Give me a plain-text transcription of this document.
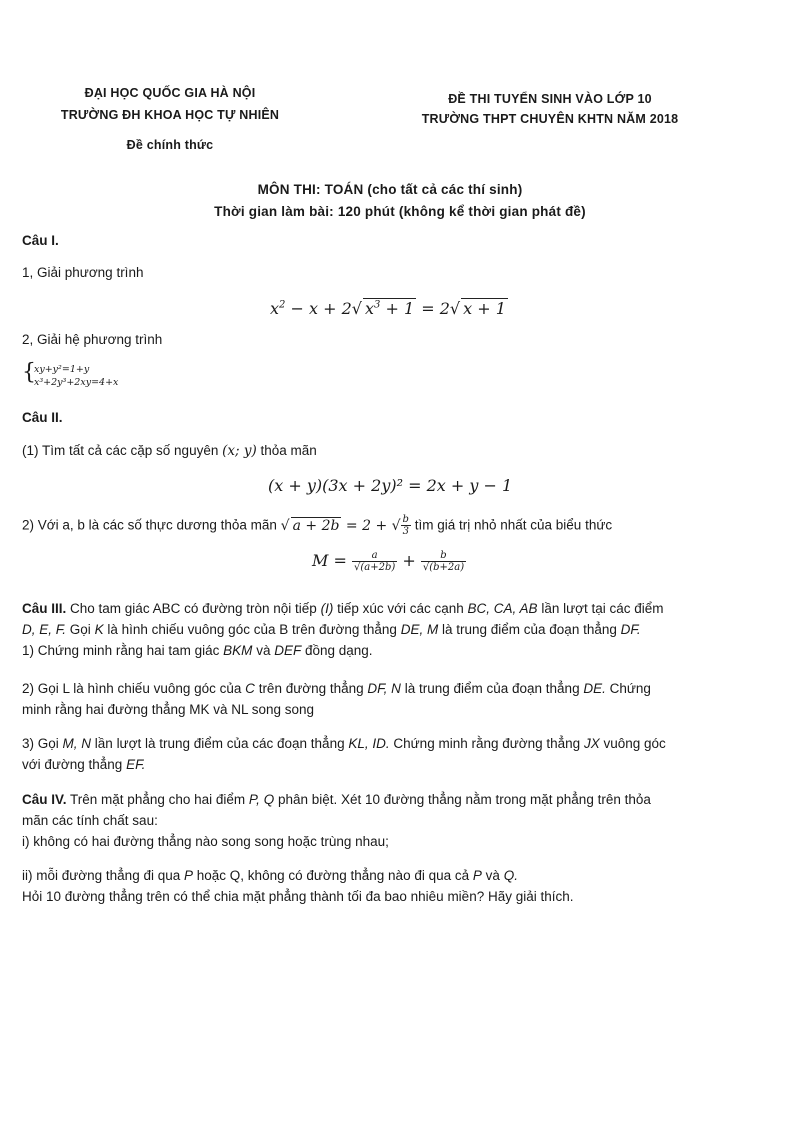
ĐẠI HỌC QUỐC GIA HÀ NỘI
TRƯỜNG ĐH KHOA HỌC TỰ NHIÊN
Đề chính thức
ĐỀ THI TUYỂN SINH VÀO LỚP 10
TRƯỜNG THPT CHUYÊN KHTN NĂM 2018
MÔN THI: TOÁN (cho tất cả các thí sinh)
Thời gian làm bài: 120 phút (không kể thời gian phát đề)
Câu I.
1, Giải phương trình
$x^2 - x + 2√$ $x^3 + 1 = 2√$ x + 1
2, Giải hệ phương trình
{
xy+y²=1+y
x³+2y³+2xy=4+x
Câu II.
(1) Tìm tất cả các cặp số nguyên (x; y) thỏa mãn
(x + y)(3x + 2y)² = 2x + y − 1
2) Với a, b là các số thực dương thỏa mãn √ a + 2b = 2 + √ $\frac{b}{3}$ tìm giá trị nhỏ nhất của biểu thức
$M = \frac{a}{√(a+2b)} + \frac{b}{√(b+2a)}$
Câu III. Cho tam giác ABC có đường tròn nội tiếp (I) tiếp xúc với các cạnh BC, CA, AB lần lượt tại các điểm
D, E, F. Gọi K là hình chiếu vuông góc của B trên đường thẳng DE, M là trung điểm của đoạn thẳng DF.
1) Chứng minh rằng hai tam giác BKM và DEF đồng dạng.
2) Gọi L là hình chiếu vuông góc của C trên đường thẳng DF, N là trung điểm của đoạn thẳng DE. Chứng
minh rằng hai đường thẳng MK và NL song song
3) Gọi M, N lần lượt là trung điểm của các đoạn thẳng KL, ID. Chứng minh rằng đường thẳng JX vuông góc
với đường thẳng EF.
Câu IV. Trên mặt phẳng cho hai điểm P, Q phân biệt. Xét 10 đường thẳng nằm trong mặt phẳng trên thỏa
mãn các tính chất sau:
i) không có hai đường thẳng nào song song hoặc trùng nhau;
ii) mỗi đường thẳng đi qua P hoặc Q, không có đường thẳng nào đi qua cả P và Q.
Hỏi 10 đường thẳng trên có thể chia mặt phẳng thành tối đa bao nhiêu miền? Hãy giải thích.
